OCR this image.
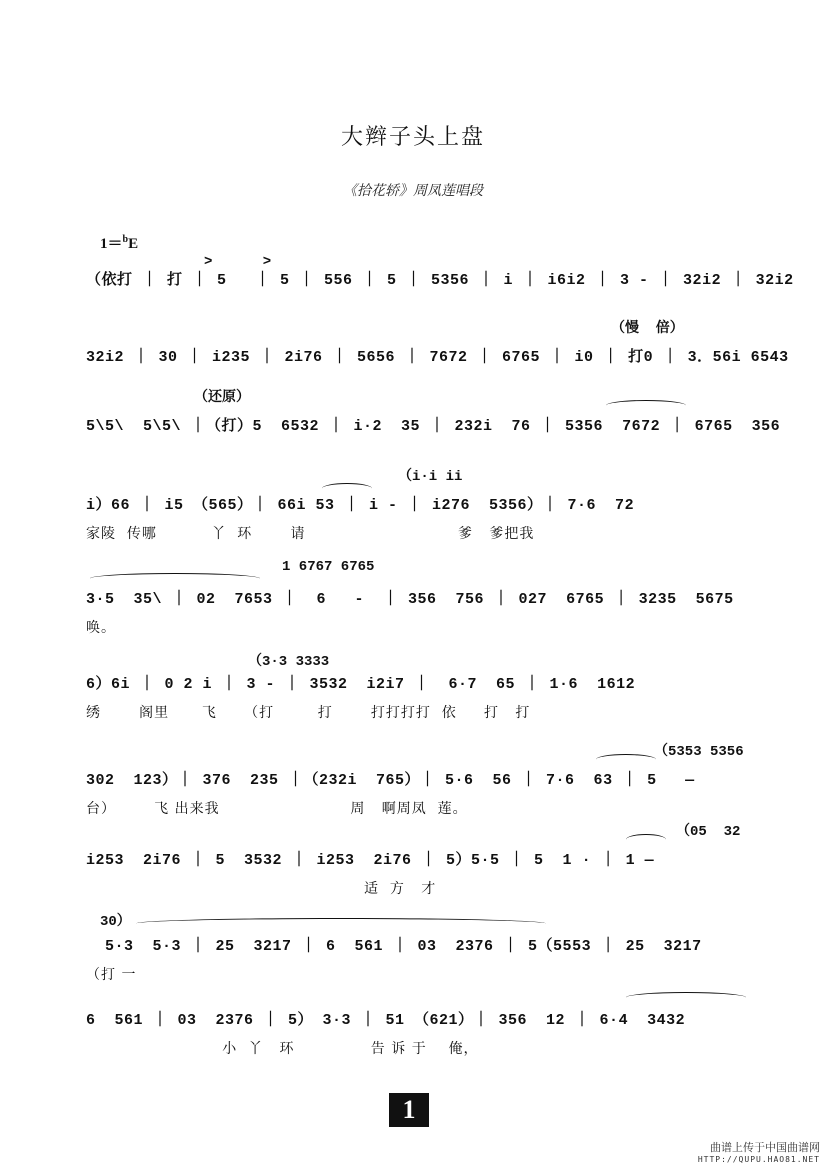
大辫子头上盘
《拾花轿》周凤莲唱段
1＝$^b$E
>      >
（依打 ｜ 打 ｜ 5   ｜ 5 ｜ 556 ｜ 5 ｜ 5356 ｜ i ｜ i6i2 ｜ 3 - ｜ 32i2 ｜ 32i2
（慢  倍）
32i2 ｜ 30 ｜ i235 ｜ 2i76 ｜ 5656 ｜ 7672 ｜ 6765 ｜ i0 ｜ 打0 ｜ 3．56i 6543
（还原）
5\5\  5\5\ ｜（打）5  6532 ｜ i·2  35 ｜ 232i  76 ｜ 5356  7672 ｜ 6765  356
（i·i ii
i）66 ｜ i5 （565）｜ 66i 53 ｜ i - ｜ i276  5356）｜ 7·6  72
家陵  传哪          丫  环       请                            爹   爹把我
1 6767 6765
3·5  35\ ｜ 02  7653 ｜  6   -  ｜ 356  756 ｜ 027  6765 ｜ 3235  5675
唤。
（3·3 3333
6）6i ｜ 0 2 i ｜ 3 - ｜ 3532  i2i7 ｜  6·7  65 ｜ 1·6  1612
绣       阁里      飞     （打        打       打打打打  依     打   打
（5353 5356
302  123）｜ 376  235 ｜（232i  765）｜ 5·6  56 ｜ 7·6  63 ｜ 5   —
台）       飞 出来我                        周   啊周凤  莲。
（05  32
i253  2i76 ｜ 5  3532 ｜ i253  2i76 ｜ 5）5·5 ｜ 5  1 · ｜ 1 —
适  方   才
30）
5·3  5·3 ｜ 25  3217 ｜ 6  561 ｜ 03  2376 ｜ 5（5553 ｜ 25  3217
（打 一
6  561 ｜ 03  2376 ｜ 5） 3·3 ｜ 51 （621）｜ 356  12 ｜ 6·4  3432
小  丫   环              告 诉 于    俺，
1
曲谱上传于中国曲谱网
HTTP://QUPU.HAO81.NET
